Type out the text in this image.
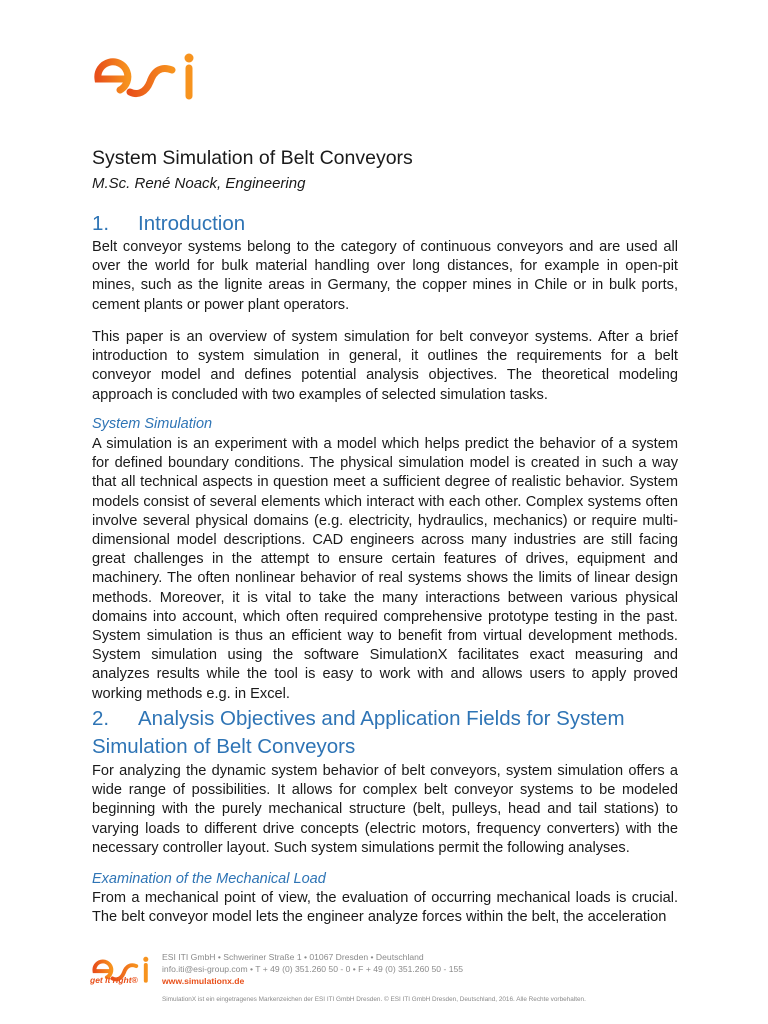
System Simulation of Belt Conveyors
M.Sc. René Noack, Engineering
1. Introduction

Belt conveyor systems belong to the category of continuous conveyors and are used all over the world for bulk material handling over long distances, for example in open-pit mines, such as the lignite areas in Germany, the copper mines in Chile or in bulk ports, cement plants or power plant operators.

This paper is an overview of system simulation for belt conveyor systems. After a brief introduction to system simulation in general, it outlines the requirements for a belt conveyor model and defines potential analysis objectives. The theoretical modeling approach is concluded with two examples of selected simulation tasks.

System Simulation

A simulation is an experiment with a model which helps predict the behavior of a system for defined boundary conditions. The physical simulation model is created in such a way that all technical aspects in question meet a sufficient degree of realistic behavior. System models consist of several elements which interact with each other. Complex systems often involve several physical domains (e.g. electricity, hydraulics, mechanics) or require multi-dimensional model descriptions. CAD engineers across many industries are still facing great challenges in the attempt to ensure certain features of drives, equipment and machinery. The often nonlinear behavior of real systems shows the limits of linear design methods. Moreover, it is vital to take the many interactions between various physical domains into account, which often required comprehensive prototype testing in the past. System simulation is thus an efficient way to benefit from virtual development methods. System simulation using the software SimulationX facilitates exact measuring and analyzes results while the tool is easy to work with and allows users to apply proved working methods e.g. in Excel.

2. Analysis Objectives and Application Fields for System
Simulation of Belt Conveyors

For analyzing the dynamic system behavior of belt conveyors, system simulation offers a wide range of possibilities. It allows for complex belt conveyor systems to be modeled beginning with the purely mechanical structure (belt, pulleys, head and tail stations) to varying loads to different drive concepts (electric motors, frequency converters) with the necessary controller layout. Such system simulations permit the following analyses.

Examination of the Mechanical Load

From a mechanical point of view, the evaluation of occurring mechanical loads is crucial. The belt conveyor model lets the engineer analyze forces within the belt, the acceleration

get it right®
ESI ITI GmbH • Schweriner Straße 1 • 01067 Dresden • Deutschland
info.iti@esi-group.com • T + 49 (0) 351.260 50 - 0 • F + 49 (0) 351.260 50 - 155
www.simulationx.de
SimulationX ist ein eingetragenes Markenzeichen der ESI ITI GmbH Dresden. © ESI ITI GmbH Dresden, Deutschland, 2016. Alle Rechte vorbehalten.
